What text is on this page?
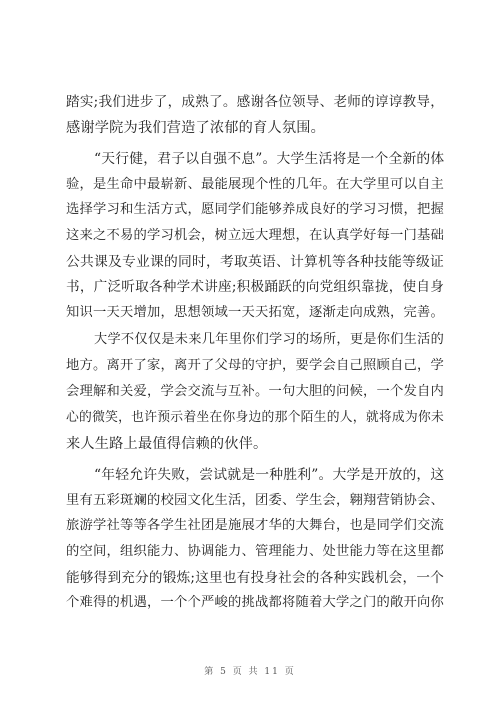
踏实;我们进步了，成熟了。感谢各位领导、老师的谆谆教导，
感谢学院为我们营造了浓郁的育人氛围。
“天行健，君子以自强不息”。大学生活将是一个全新的体
验，是生命中最崭新、最能展现个性的几年。在大学里可以自主
选择学习和生活方式，愿同学们能够养成良好的学习习惯，把握
这来之不易的学习机会，树立远大理想，在认真学好每一门基础
公共课及专业课的同时，考取英语、计算机等各种技能等级证
书，广泛听取各种学术讲座;积极踊跃的向党组织靠拢，使自身
知识一天天增加，思想领域一天天拓宽，逐渐走向成熟，完善。
大学不仅仅是未来几年里你们学习的场所，更是你们生活的
地方。离开了家，离开了父母的守护，要学会自己照顾自己，学
会理解和关爱，学会交流与互补。一句大胆的问候，一个发自内
心的微笑，也许预示着坐在你身边的那个陌生的人，就将成为你未
来人生路上最值得信赖的伙伴。
“年轻允许失败，尝试就是一种胜利”。大学是开放的，这
里有五彩斑斓的校园文化生活，团委、学生会，翱翔营销协会、
旅游学社等等各学生社团是施展才华的大舞台，也是同学们交流
的空间，组织能力、协调能力、管理能力、处世能力等在这里都
能够得到充分的锻炼;这里也有投身社会的各种实践机会，一个
个难得的机遇，一个个严峻的挑战都将随着大学之门的敞开向你
第 5 页 共 11 页
